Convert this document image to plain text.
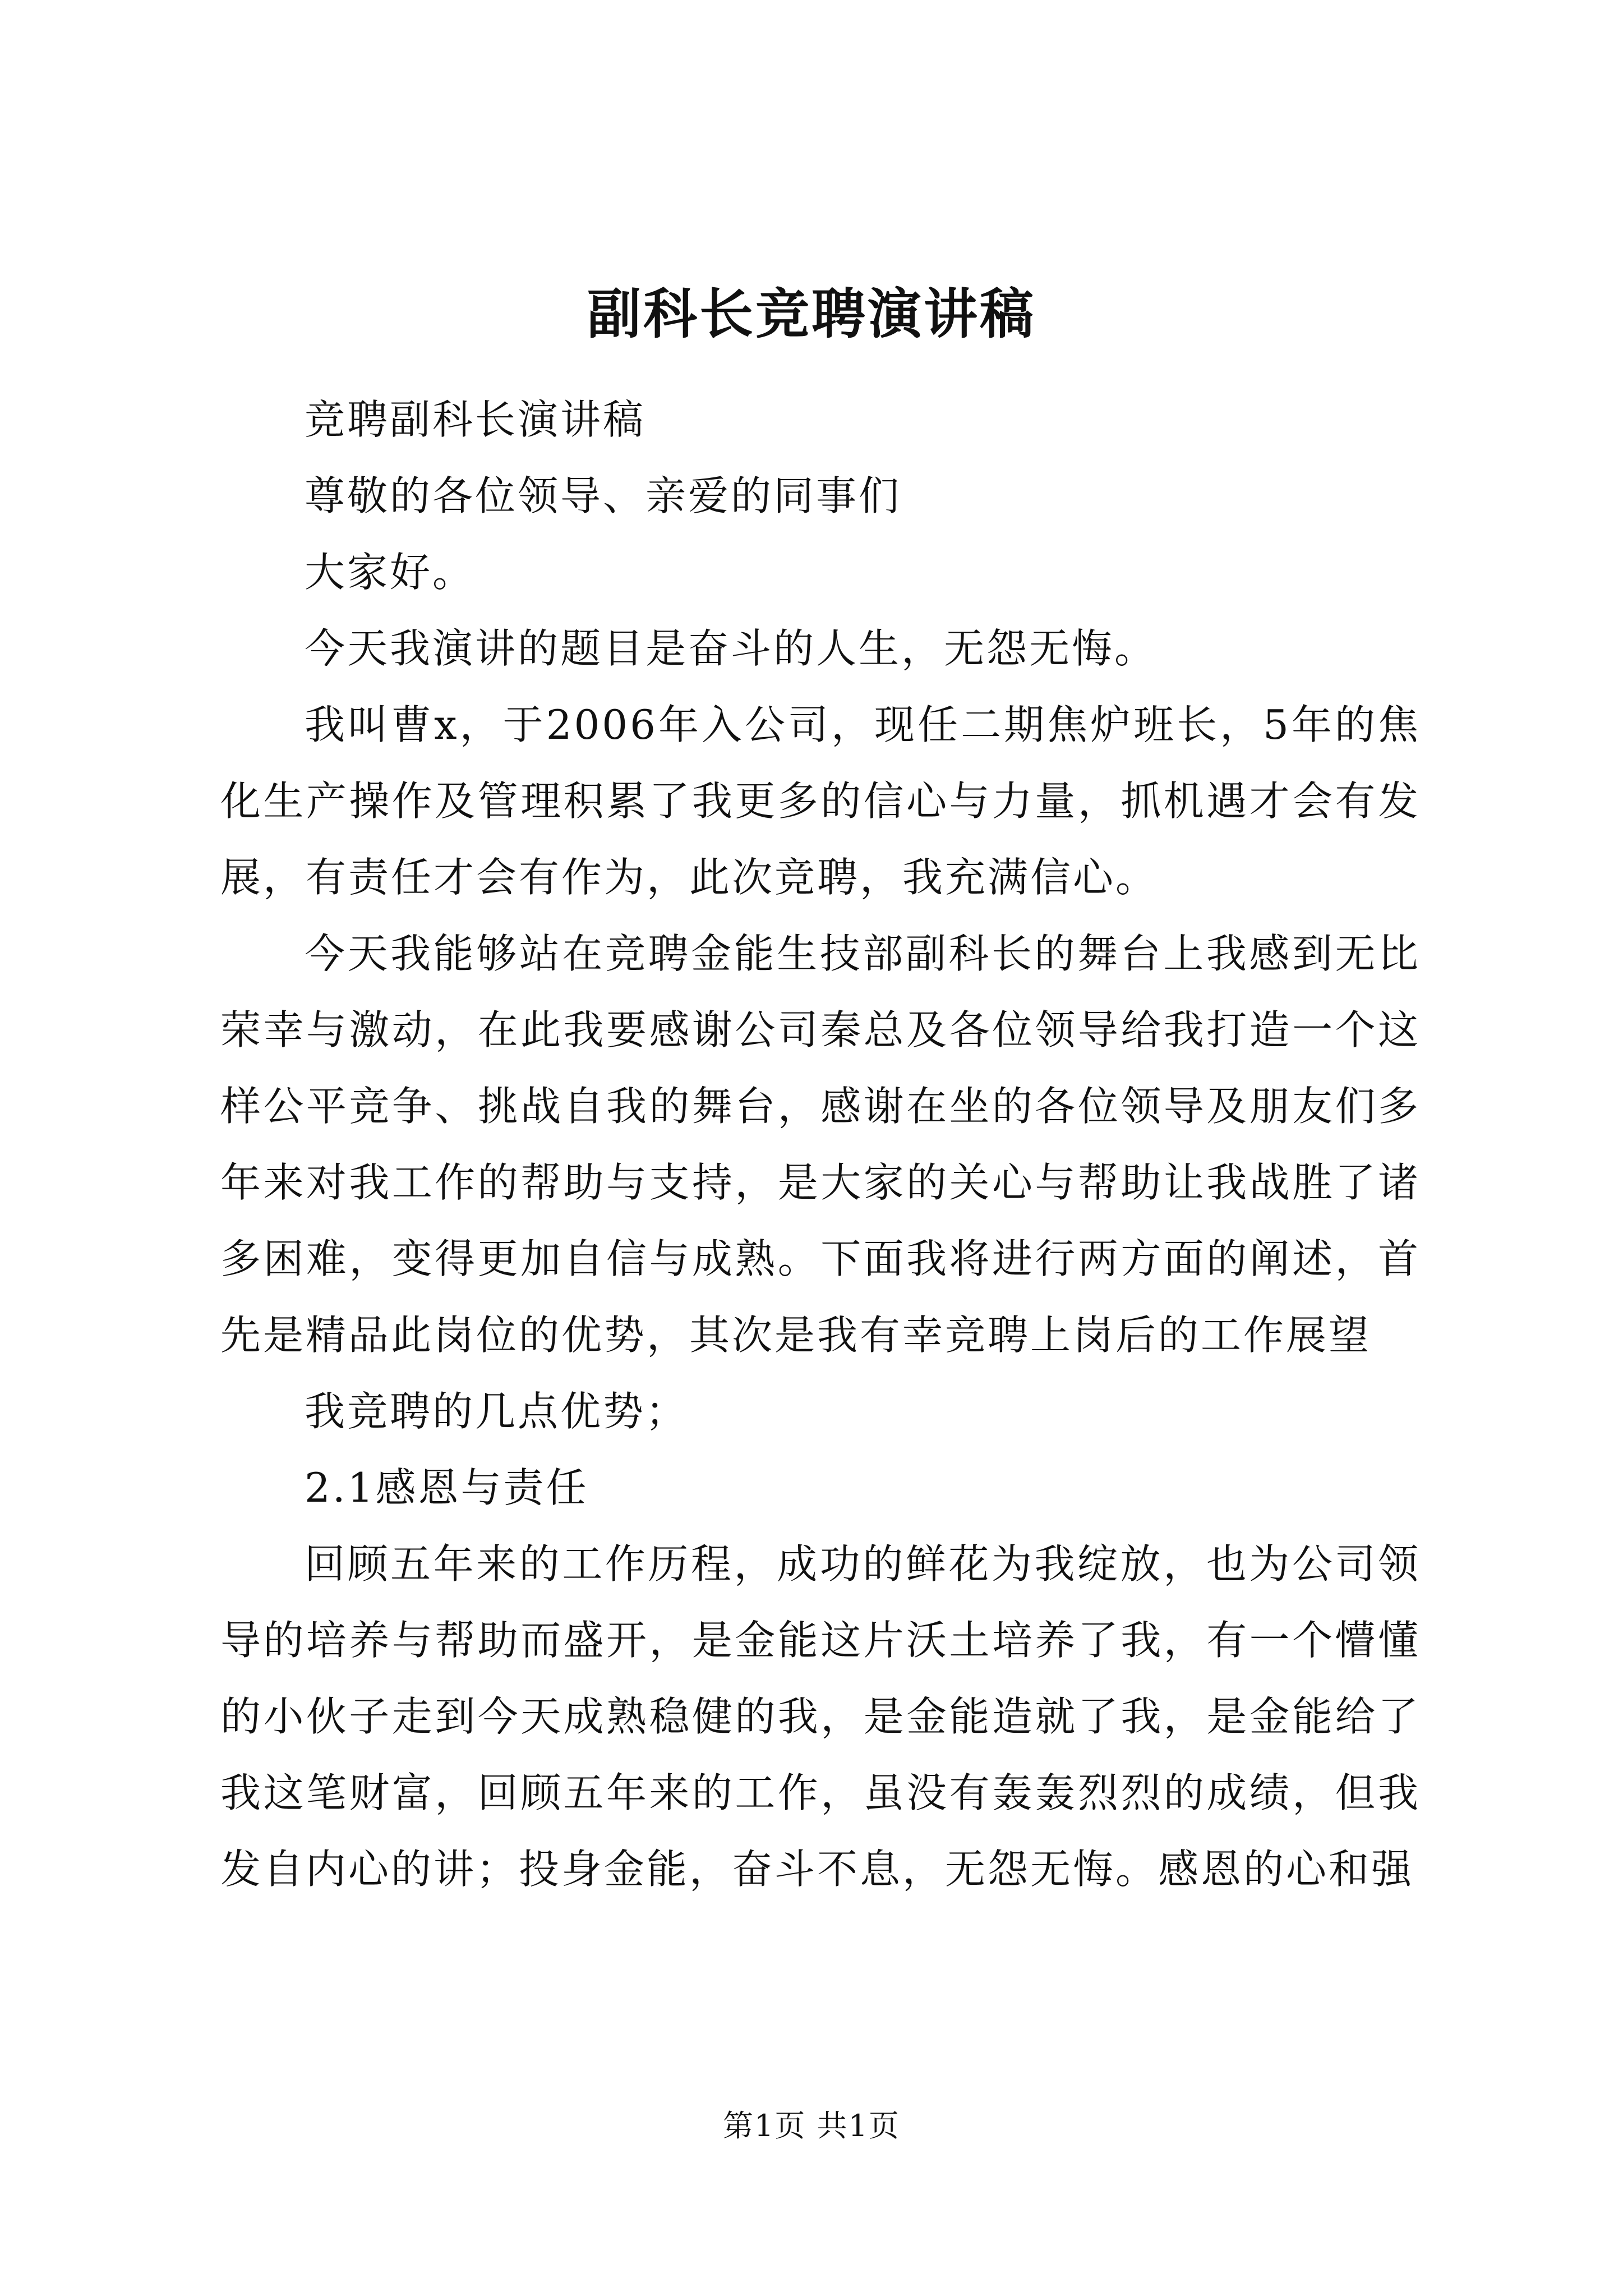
副科长竞聘演讲稿

竞聘副科长演讲稿

尊敬的各位领导、亲爱的同事们

大家好。

今天我演讲的题目是奋斗的人生，无怨无悔。

我叫曹x，于2006年入公司，现任二期焦炉班长，5年的焦化生产操作及管理积累了我更多的信心与力量，抓机遇才会有发展，有责任才会有作为，此次竞聘，我充满信心。

今天我能够站在竞聘金能生技部副科长的舞台上我感到无比荣幸与激动，在此我要感谢公司秦总及各位领导给我打造一个这样公平竞争、挑战自我的舞台，感谢在坐的各位领导及朋友们多年来对我工作的帮助与支持，是大家的关心与帮助让我战胜了诸多困难，变得更加自信与成熟。下面我将进行两方面的阐述，首先是精品此岗位的优势，其次是我有幸竞聘上岗后的工作展望

我竞聘的几点优势；

2.1感恩与责任

回顾五年来的工作历程，成功的鲜花为我绽放，也为公司领导的培养与帮助而盛开，是金能这片沃土培养了我，有一个懵懂的小伙子走到今天成熟稳健的我，是金能造就了我，是金能给了我这笔财富，回顾五年来的工作，虽没有轰轰烈烈的成绩，但我发自内心的讲；投身金能，奋斗不息，无怨无悔。感恩的心和强

第1页 共1页
